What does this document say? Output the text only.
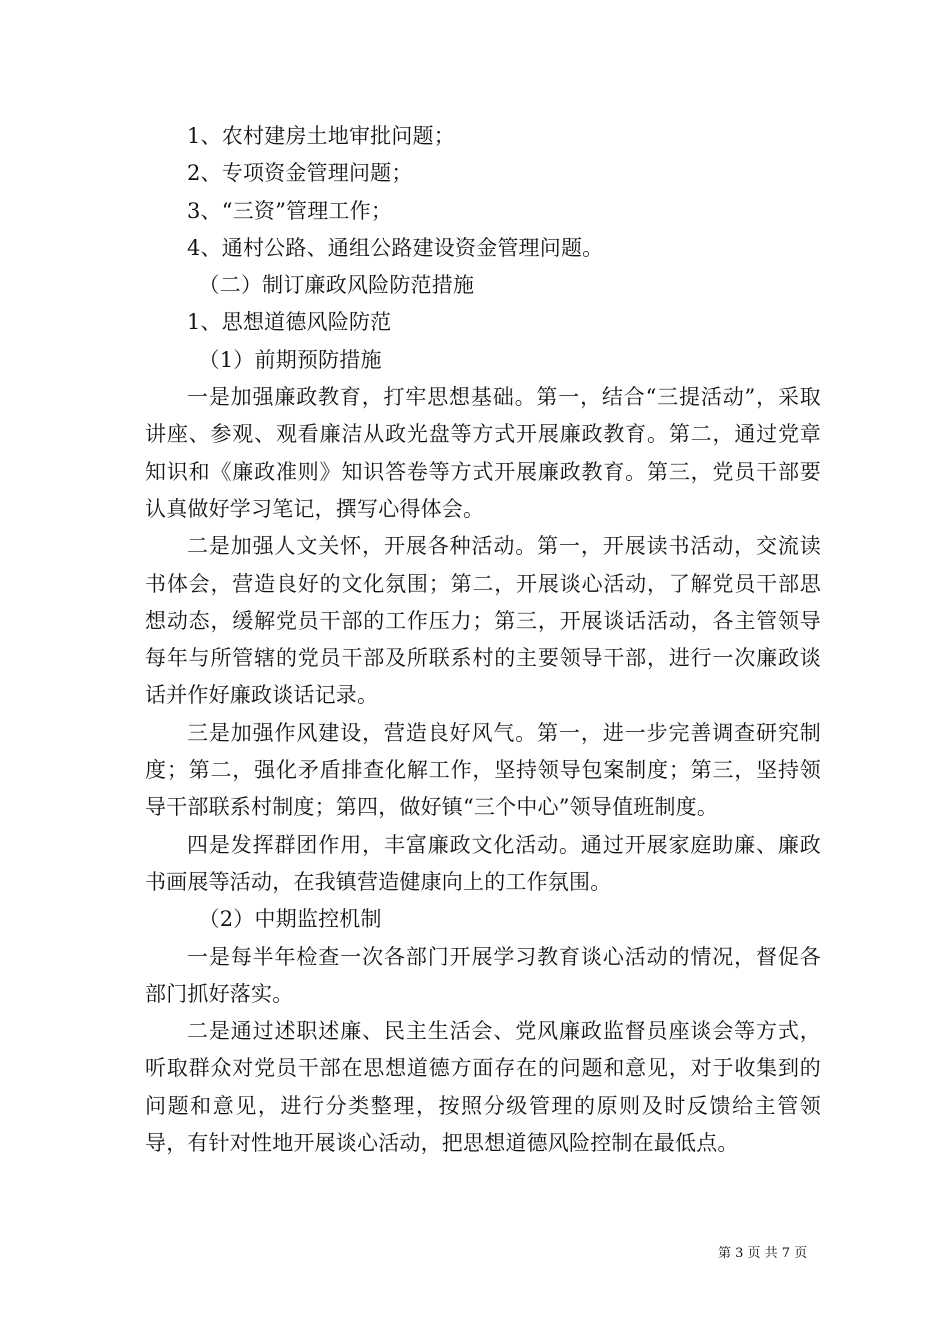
1、农村建房土地审批问题；

2、专项资金管理问题；

3、“三资”管理工作；

4、通村公路、通组公路建设资金管理问题。

（二）制订廉政风险防范措施

1、思想道德风险防范

（1）前期预防措施

一是加强廉政教育，打牢思想基础。第一，结合“三提活动”，采取讲座、参观、观看廉洁从政光盘等方式开展廉政教育。第二，通过党章知识和《廉政准则》知识答卷等方式开展廉政教育。第三，党员干部要认真做好学习笔记，撰写心得体会。

二是加强人文关怀，开展各种活动。第一，开展读书活动，交流读书体会，营造良好的文化氛围；第二，开展谈心活动，了解党员干部思想动态，缓解党员干部的工作压力；第三，开展谈话活动，各主管领导每年与所管辖的党员干部及所联系村的主要领导干部，进行一次廉政谈话并作好廉政谈话记录。

三是加强作风建设，营造良好风气。第一，进一步完善调查研究制度；第二，强化矛盾排查化解工作，坚持领导包案制度；第三，坚持领导干部联系村制度；第四，做好镇“三个中心”领导值班制度。

四是发挥群团作用，丰富廉政文化活动。通过开展家庭助廉、廉政书画展等活动，在我镇营造健康向上的工作氛围。

（2）中期监控机制

一是每半年检查一次各部门开展学习教育谈心活动的情况，督促各部门抓好落实。

二是通过述职述廉、民主生活会、党风廉政监督员座谈会等方式，听取群众对党员干部在思想道德方面存在的问题和意见，对于收集到的问题和意见，进行分类整理，按照分级管理的原则及时反馈给主管领导，有针对性地开展谈心活动，把思想道德风险控制在最低点。

第 3 页 共 7 页
